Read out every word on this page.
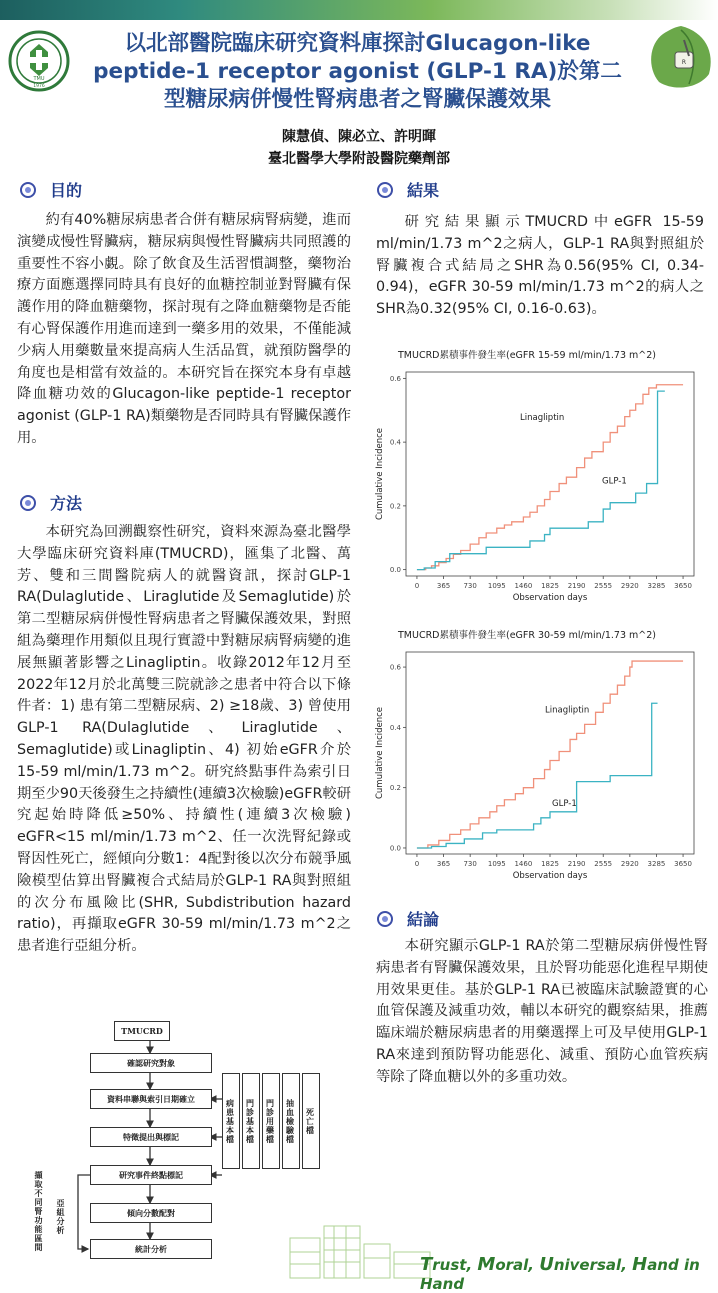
TMU
1976
R
以北部醫院臨床研究資料庫探討Glucagon-like
peptide-1 receptor agonist (GLP-1 RA)於第二
型糖尿病併慢性腎病患者之腎臟保護效果
陳慧偵、陳必立、許明暉
臺北醫學大學附設醫院藥劑部
目的

約有40%糖尿病患者合併有糖尿病腎病變，進而演變成慢性腎臟病，糖尿病與慢性腎臟病共同照護的重要性不容小覷。除了飲食及生活習慣調整，藥物治療方面應選擇同時具有良好的血糖控制並對腎臟有保護作用的降血糖藥物，探討現有之降血糖藥物是否能有心腎保護作用進而達到一藥多用的效果，不僅能減少病人用藥數量來提高病人生活品質，就預防醫學的角度也是相當有效益的。本研究旨在探究本身有卓越降血糖功效的Glucagon-like peptide-1 receptor agonist (GLP-1 RA)類藥物是否同時具有腎臟保護作用。

方法

本研究為回溯觀察性研究，資料來源為臺北醫學大學臨床研究資料庫(TMUCRD)，匯集了北醫、萬芳、雙和三間醫院病人的就醫資訊，探討GLP-1 RA(Dulaglutide、Liraglutide及Semaglutide)於第二型糖尿病併慢性腎病患者之腎臟保護效果，對照組為藥理作用類似且現行實證中對糖尿病腎病變的進展無顯著影響之Linagliptin。收錄2012年12月至2022年12月於北萬雙三院就診之患者中符合以下條件者：1) 患有第二型糖尿病、2) ≥18歲、3) 曾使用GLP-1 RA(Dulaglutide、Liraglutide、Semaglutide)或Linagliptin、4) 初始eGFR介於15-59 ml/min/1.73 m^2。研究終點事件為索引日期至少90天後發生之持續性(連續3次檢驗)eGFR較研究起始時降低≥50%、持續性(連續3次檢驗) eGFR<15 ml/min/1.73 m^2、任一次洗腎紀錄或腎因性死亡，經傾向分數1：4配對後以次分布競爭風險模型估算出腎臟複合式結局於GLP-1 RA與對照組的次分布風險比(SHR, Subdistribution hazard ratio)，再擷取eGFR 30-59 ml/min/1.73 m^2之患者進行亞組分析。

結果

研究結果顯示TMUCRD中eGFR 15-59 ml/min/1.73 m^2之病人，GLP-1 RA與對照組於腎臟複合式結局之SHR為0.56(95% CI, 0.34-0.94)，eGFR 30-59 ml/min/1.73 m^2的病人之SHR為0.32(95% CI, 0.16-0.63)。

TMUCRD累積事件發生率(eGFR 15-59 ml/min/1.73 m^2)
0	365 730 1095 1460 1825 2190 2555 2920 3285 3650
0.0
0.2
0.4
0.6
Observation days
Cumulative Incidence
Linagliptin
GLP-1
TMUCRD累積事件發生率(eGFR 30-59 ml/min/1.73 m^2)
0	365 730 1095 1460 1825 2190 2555 2920 3285 3650
0.0
0.2
0.4
0.6
Observation days
Cumulative Incidence	Linagliptin
GLP-1
結論

本研究顯示GLP-1 RA於第二型糖尿病併慢性腎病患者有腎臟保護效果，且於腎功能惡化進程早期使用效果更佳。基於GLP-1 RA已被臨床試驗證實的心血管保護及減重功效，輔以本研究的觀察結果，推薦臨床端於糖尿病患者的用藥選擇上可及早使用GLP-1 RA來達到預防腎功能惡化、減重、預防心血管疾病等除了降血糖以外的多重功效。

TMUCRD
確認研究對象
資料串聯與索引日期確立
特徵提出與標記
研究事件終點標記
傾向分數配對
統計分析
病患基本檔	門診基本檔	門診用藥檔	抽血檢驗檔	死亡檔
擷取不同腎功能區間 亞組分析
Trust, Moral, Universal, Hand in Hand
